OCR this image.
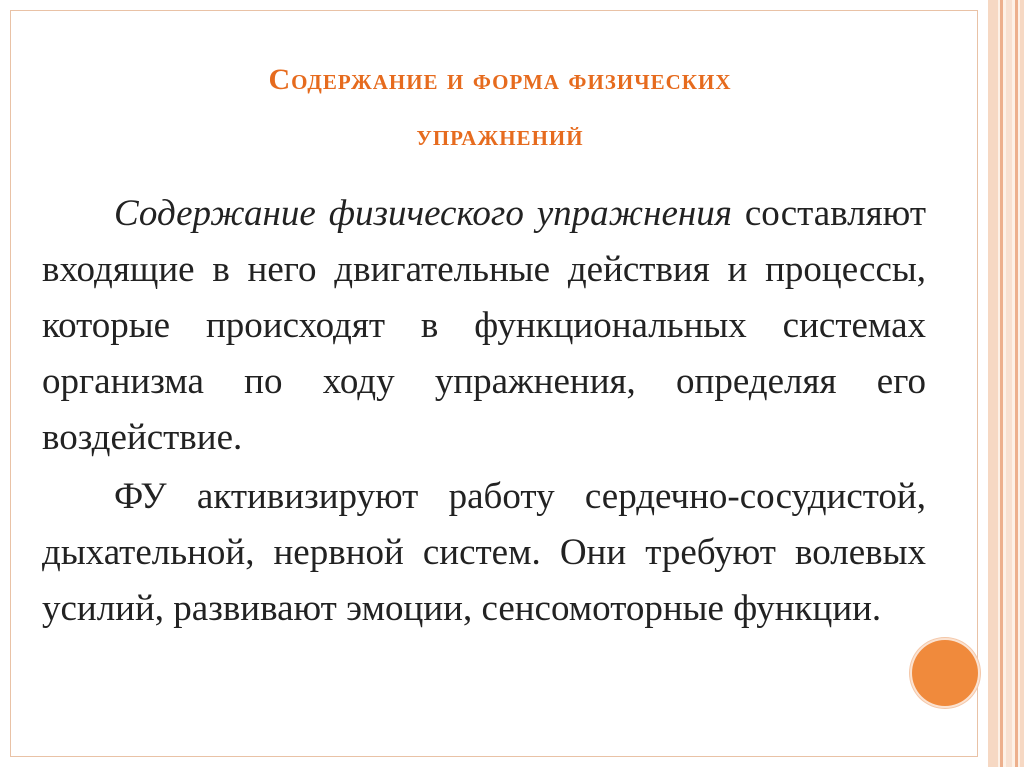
Содержание и форма физических
упражнений

Содержание физического упражнения составляют входящие в него двигательные действия и процессы, которые происходят в функциональных системах организма по ходу упражнения, определяя его воздействие.

ФУ активизируют работу сердечно-сосудистой, дыхательной, нервной систем. Они требуют волевых усилий, развивают эмоции, сенсомоторные функции.
